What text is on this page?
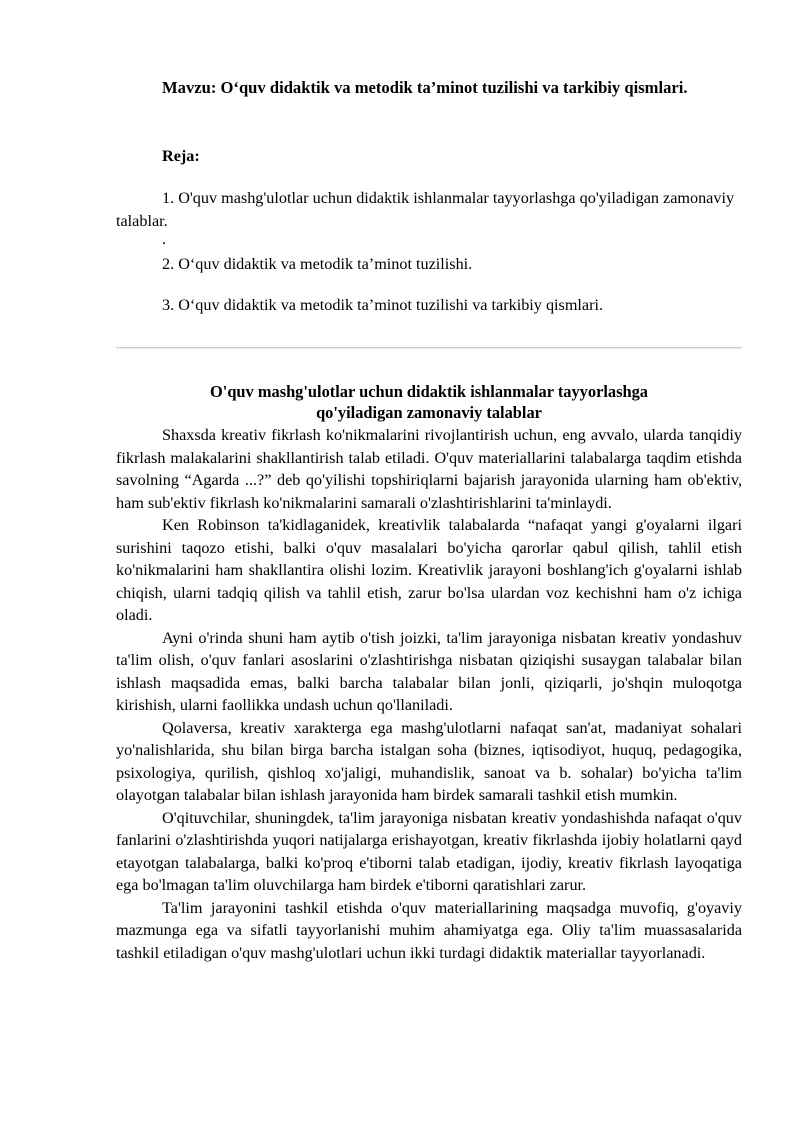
Mavzu: O‘quv didaktik va metodik ta’minot tuzilishi va tarkibiy qismlari.

Reja:

1. O'quv mashg'ulotlar uchun didaktik ishlanmalar tayyorlashga qo'yiladigan zamonaviy talablar.

.

2. O‘quv didaktik va metodik ta’minot tuzilishi.

3. O‘quv didaktik va metodik ta’minot tuzilishi va tarkibiy qismlari.

O'quv mashg'ulotlar uchun didaktik ishlanmalar tayyorlashga

qo'yiladigan zamonaviy talablar

Shaxsda kreativ fikrlash ko'nikmalarini rivojlantirish uchun, eng avvalo, ularda tanqidiy fikrlash malakalarini shakllantirish talab etiladi. O'quv materiallarini talabalarga taqdim etishda savolning “Agarda ...?” deb qo'yilishi topshiriqlarni bajarish jarayonida ularning ham ob'ektiv, ham sub'ektiv fikrlash ko'nikmalarini samarali o'zlashtirishlarini ta'minlaydi.

Ken Robinson ta'kidlaganidek, kreativlik talabalarda “nafaqat yangi g'oyalarni ilgari surishini taqozo etishi, balki o'quv masalalari bo'yicha qarorlar qabul qilish, tahlil etish ko'nikmalarini ham shakllantira olishi lozim. Kreativlik jarayoni boshlang'ich g'oyalarni ishlab chiqish, ularni tadqiq qilish va tahlil etish, zarur bo'lsa ulardan voz kechishni ham o'z ichiga oladi.

Ayni o'rinda shuni ham aytib o'tish joizki, ta'lim jarayoniga nisbatan kreativ yondashuv ta'lim olish, o'quv fanlari asoslarini o'zlashtirishga nisbatan qiziqishi susaygan talabalar bilan ishlash maqsadida emas, balki barcha talabalar bilan jonli, qiziqarli, jo'shqin muloqotga kirishish, ularni faollikka undash uchun qo'llaniladi.

Qolaversa, kreativ xarakterga ega mashg'ulotlarni nafaqat san'at, madaniyat sohalari yo'nalishlarida, shu bilan birga barcha istalgan soha (biznes, iqtisodiyot, huquq, pedagogika, psixologiya, qurilish, qishloq xo'jaligi, muhandislik, sanoat va b. sohalar) bo'yicha ta'lim olayotgan talabalar bilan ishlash jarayonida ham birdek samarali tashkil etish mumkin.

O'qituvchilar, shuningdek, ta'lim jarayoniga nisbatan kreativ yondashishda nafaqat o'quv fanlarini o'zlashtirishda yuqori natijalarga erishayotgan, kreativ fikrlashda ijobiy holatlarni qayd etayotgan talabalarga, balki ko'proq e'tiborni talab etadigan, ijodiy, kreativ fikrlash layoqatiga ega bo'lmagan ta'lim oluvchilarga ham birdek e'tiborni qaratishlari zarur.

Ta'lim jarayonini tashkil etishda o'quv materiallarining maqsadga muvofiq, g'oyaviy mazmunga ega va sifatli tayyorlanishi muhim ahamiyatga ega. Oliy ta'lim muassasalarida tashkil etiladigan o'quv mashg'ulotlari uchun ikki turdagi didaktik materiallar tayyorlanadi.
